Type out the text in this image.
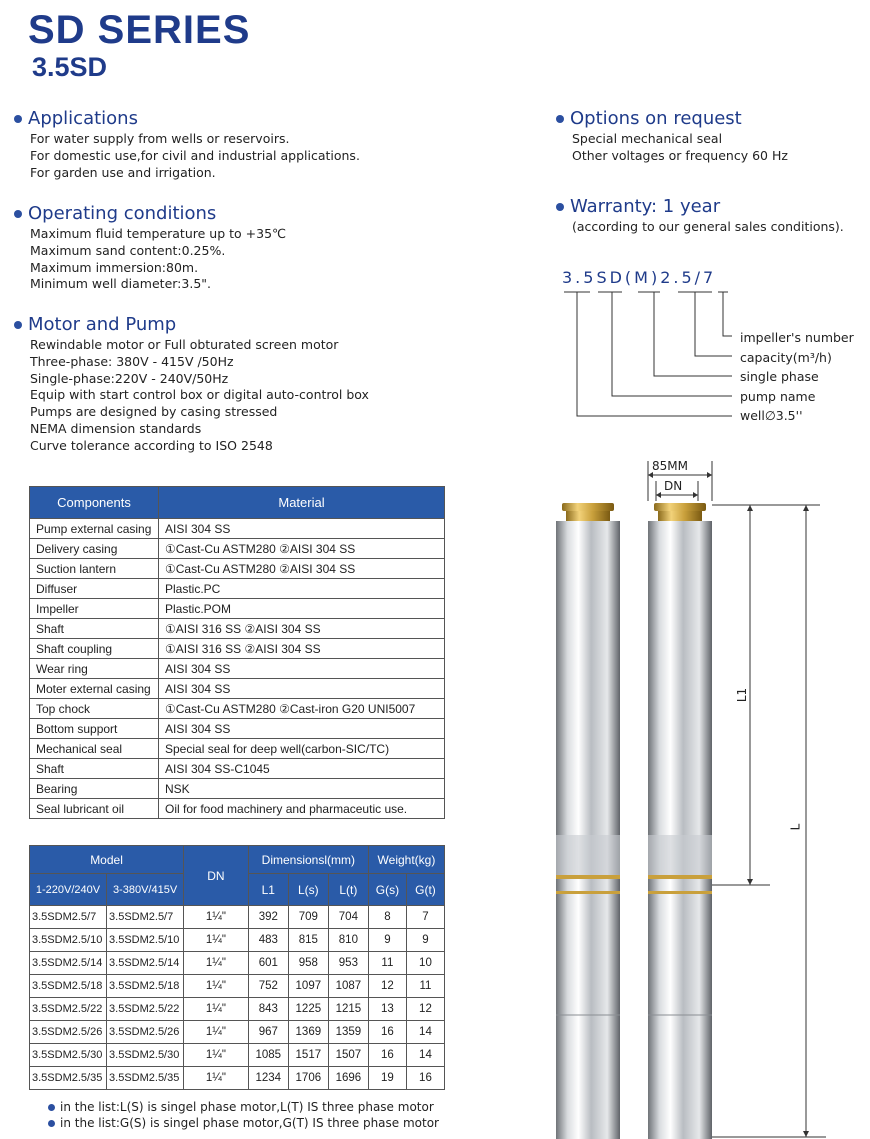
SD SERIES
3.5SD
Applications
For water supply from wells or reservoirs.
For domestic use,for civil and industrial applications.
For garden use and irrigation.
Operating conditions
Maximum fluid temperature up to +35℃
Maximum sand content:0.25%.
Maximum immersion:80m.
Minimum well diameter:3.5".
Motor and Pump
Rewindable motor or Full obturated screen motor
Three-phase: 380V - 415V /50Hz
Single-phase:220V - 240V/50Hz
Equip with start control box or digital auto-control box
Pumps are designed by casing stressed
NEMA dimension standards
Curve tolerance according to ISO 2548
Options on request
Special mechanical seal
Other voltages or frequency 60 Hz
Warranty: 1 year
(according to our general sales conditions).
3.5SD(M)2.5/7
impeller's number
capacity(m³/h)
single phase
pump name
well∅3.5''
Components	Material
Pump external casing	AISI 304 SS
Delivery casing	①Cast-Cu ASTM280 ②AISI 304 SS
Suction lantern	①Cast-Cu ASTM280 ②AISI 304 SS
Diffuser	Plastic.PC
Impeller	Plastic.POM
Shaft	①AISI 316 SS ②AISI 304 SS
Shaft coupling	①AISI 316 SS ②AISI 304 SS
Wear ring	AISI 304 SS
Moter external casing	AISI 304 SS
Top chock	①Cast-Cu ASTM280 ②Cast-iron G20 UNI5007
Bottom support	AISI 304 SS
Mechanical seal	Special seal for deep well(carbon-SIC/TC)
Shaft	AISI 304 SS-C1045
Bearing	NSK
Seal lubricant oil	Oil for food machinery and pharmaceutic use.
Model		DN	Dimensionsl(mm)			Weight(kg)	
1-220V/240V	3-380V/415V		L1	L(s)	L(t)	G(s)	G(t)
3.5SDM2.5/7	3.5SDM2.5/7	1¼"	392	709	704	8	7
3.5SDM2.5/10	3.5SDM2.5/10	1¼"	483	815	810	9	9
3.5SDM2.5/14	3.5SDM2.5/14	1¼"	601	958	953	11	10
3.5SDM2.5/18	3.5SDM2.5/18	1¼"	752	1097	1087	12	11
3.5SDM2.5/22	3.5SDM2.5/22	1¼"	843	1225	1215	13	12
3.5SDM2.5/26	3.5SDM2.5/26	1¼"	967	1369	1359	16	14
3.5SDM2.5/30	3.5SDM2.5/30	1¼"	1085	1517	1507	16	14
3.5SDM2.5/35	3.5SDM2.5/35	1¼"	1234	1706	1696	19	16
in the list:L(S) is singel phase motor,L(T) IS three phase motor
in the list:G(S) is singel phase motor,G(T) IS three phase motor
85MM
DN
L1
L
